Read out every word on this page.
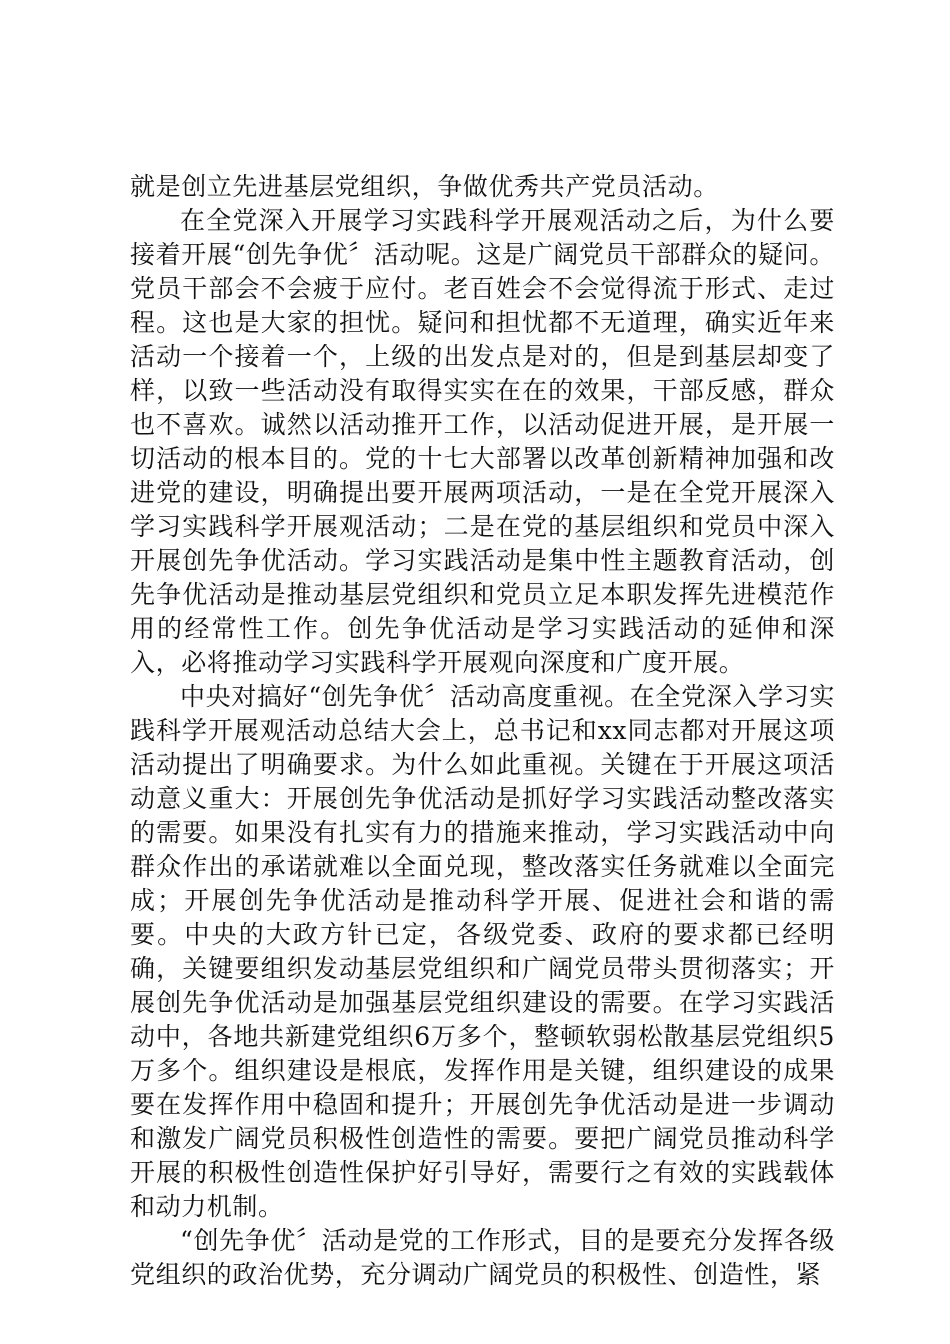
就是创立先进基层党组织，争做优秀共产党员活动。

在全党深入开展学习实践科学开展观活动之后，为什么要接着开展“创先争优〞活动呢。这是广阔党员干部群众的疑问。党员干部会不会疲于应付。老百姓会不会觉得流于形式、走过程。这也是大家的担忧。疑问和担忧都不无道理，确实近年来活动一个接着一个，上级的出发点是对的，但是到基层却变了样，以致一些活动没有取得实实在在的效果，干部反感，群众也不喜欢。诚然以活动推开工作，以活动促进开展，是开展一切活动的根本目的。党的十七大部署以改革创新精神加强和改进党的建设，明确提出要开展两项活动，一是在全党开展深入学习实践科学开展观活动；二是在党的基层组织和党员中深入开展创先争优活动。学习实践活动是集中性主题教育活动，创先争优活动是推动基层党组织和党员立足本职发挥先进模范作用的经常性工作。创先争优活动是学习实践活动的延伸和深入，必将推动学习实践科学开展观向深度和广度开展。

中央对搞好“创先争优〞活动高度重视。在全党深入学习实践科学开展观活动总结大会上，总书记和xx同志都对开展这项活动提出了明确要求。为什么如此重视。关键在于开展这项活动意义重大：开展创先争优活动是抓好学习实践活动整改落实的需要。如果没有扎实有力的措施来推动，学习实践活动中向群众作出的承诺就难以全面兑现，整改落实任务就难以全面完成；开展创先争优活动是推动科学开展、促进社会和谐的需要。中央的大政方针已定，各级党委、政府的要求都已经明确，关键要组织发动基层党组织和广阔党员带头贯彻落实；开展创先争优活动是加强基层党组织建设的需要。在学习实践活动中，各地共新建党组织6万多个，整顿软弱松散基层党组织5万多个。组织建设是根底，发挥作用是关键，组织建设的成果要在发挥作用中稳固和提升；开展创先争优活动是进一步调动和激发广阔党员积极性创造性的需要。要把广阔党员推动科学开展的积极性创造性保护好引导好，需要行之有效的实践载体和动力机制。

“创先争优〞活动是党的工作形式，目的是要充分发挥各级党组织的政治优势，充分调动广阔党员的积极性、创造性，紧
